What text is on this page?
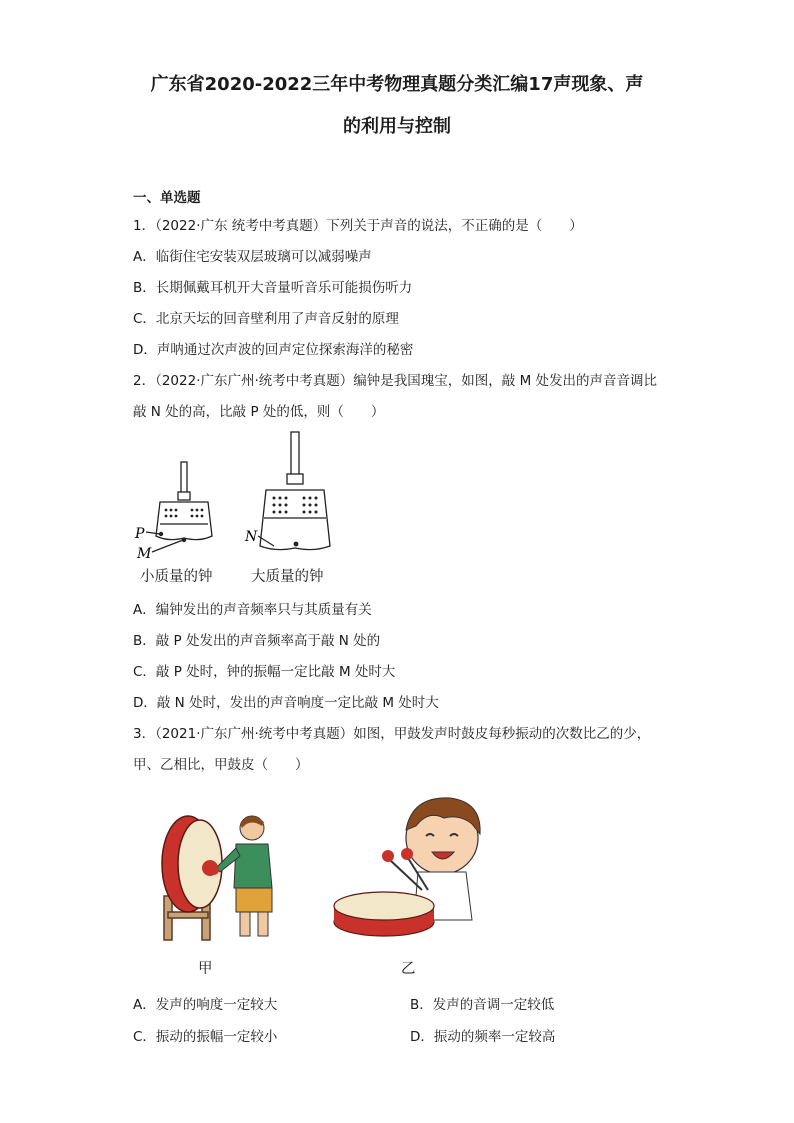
广东省2020-2022三年中考物理真题分类汇编17声现象、声
的利用与控制
一、单选题
1．（2022·广东 统考中考真题）下列关于声音的说法，不正确的是（　　）
A．临街住宅安装双层玻璃可以减弱噪声
B．长期佩戴耳机开大音量听音乐可能损伤听力
C．北京天坛的回音壁利用了声音反射的原理
D．声呐通过次声波的回声定位探索海洋的秘密
2．（2022·广东广州·统考中考真题）编钟是我国瑰宝，如图，敲 M 处发出的声音音调比
敲 N 处的高，比敲 P 处的低，则（　　）
P
M
N
小质量的钟	大质量的钟
A．编钟发出的声音频率只与其质量有关
B．敲 P 处发出的声音频率高于敲 N 处的
C．敲 P 处时，钟的振幅一定比敲 M 处时大
D．敲 N 处时，发出的声音响度一定比敲 M 处时大
3．（2021·广东广州·统考中考真题）如图，甲鼓发声时鼓皮每秒振动的次数比乙的少，
甲、乙相比，甲鼓皮（　　）
甲	乙
A．发声的响度一定较大	B．发声的音调一定较低
C．振动的振幅一定较小	D．振动的频率一定较高
